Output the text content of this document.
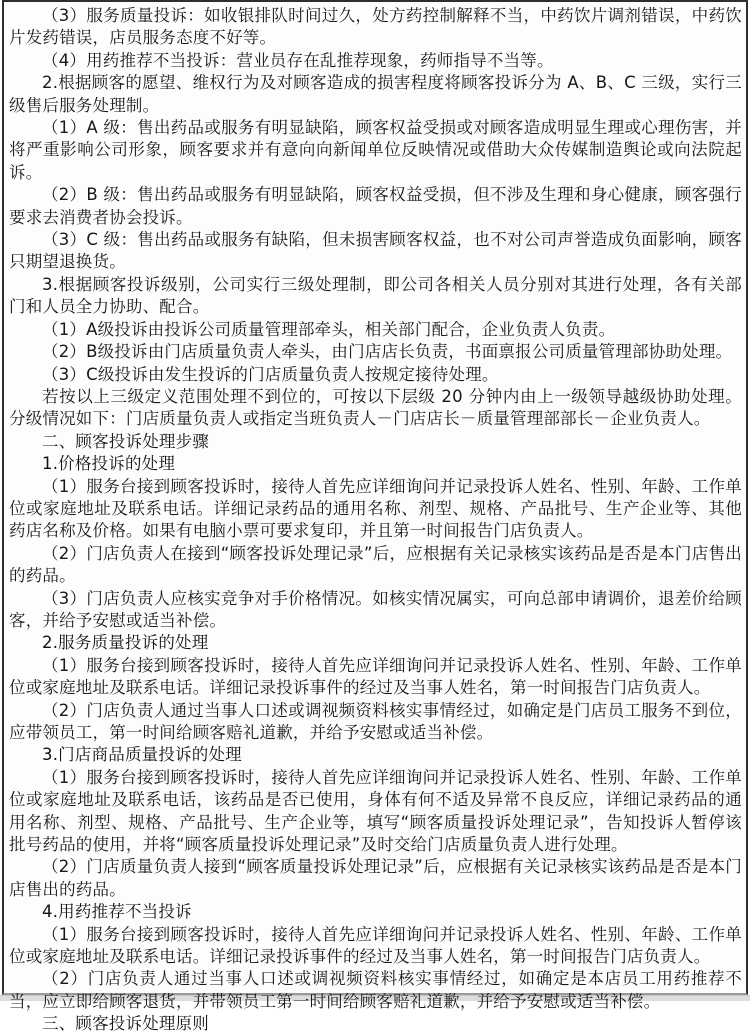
（3）服务质量投诉：如收银排队时间过久，处方药控制解释不当，中药饮片调剂错误，中药饮片发药错误，店员服务态度不好等。

（4）用药推荐不当投诉：营业员存在乱推荐现象，药师指导不当等。

2.根据顾客的愿望、维权行为及对顾客造成的损害程度将顾客投诉分为 A、B、C 三级，实行三级售后服务处理制。

（1）A 级：售出药品或服务有明显缺陷，顾客权益受损或对顾客造成明显生理或心理伤害，并将严重影响公司形象，顾客要求并有意向向新闻单位反映情况或借助大众传媒制造舆论或向法院起诉。

（2）B 级：售出药品或服务有明显缺陷，顾客权益受损，但不涉及生理和身心健康，顾客强行要求去消费者协会投诉。

（3）C 级：售出药品或服务有缺陷，但未损害顾客权益，也不对公司声誉造成负面影响，顾客只期望退换货。

3.根据顾客投诉级别，公司实行三级处理制，即公司各相关人员分别对其进行处理，各有关部门和人员全力协助、配合。

（1）A级投诉由投诉公司质量管理部牵头，相关部门配合，企业负责人负责。

（2）B级投诉由门店质量负责人牵头，由门店店长负责，书面禀报公司质量管理部协助处理。

（3）C级投诉由发生投诉的门店质量负责人按规定接待处理。

若按以上三级定义范围处理不到位的，可按以下层级 20 分钟内由上一级领导越级协助处理。分级情况如下：门店质量负责人或指定当班负责人－门店店长－质量管理部部长－企业负责人。

二、顾客投诉处理步骤

1.价格投诉的处理

（1）服务台接到顾客投诉时，接待人首先应详细询问并记录投诉人姓名、性别、年龄、工作单位或家庭地址及联系电话。详细记录药品的通用名称、剂型、规格、产品批号、生产企业等、其他药店名称及价格。如果有电脑小票可要求复印，并且第一时间报告门店负责人。

（2）门店负责人在接到“顾客投诉处理记录”后，应根据有关记录核实该药品是否是本门店售出的药品。

（3）门店负责人应核实竞争对手价格情况。如核实情况属实，可向总部申请调价，退差价给顾客，并给予安慰或适当补偿。

2.服务质量投诉的处理

（1）服务台接到顾客投诉时，接待人首先应详细询问并记录投诉人姓名、性别、年龄、工作单位或家庭地址及联系电话。详细记录投诉事件的经过及当事人姓名，第一时间报告门店负责人。

（2）门店负责人通过当事人口述或调视频资料核实事情经过，如确定是门店员工服务不到位，应带领员工，第一时间给顾客赔礼道歉，并给予安慰或适当补偿。

3.门店商品质量投诉的处理

（1）服务台接到顾客投诉时，接待人首先应详细询问并记录投诉人姓名、性别、年龄、工作单位或家庭地址及联系电话，该药品是否已使用，身体有何不适及异常不良反应，详细记录药品的通用名称、剂型、规格、产品批号、生产企业等，填写“顾客质量投诉处理记录”，告知投诉人暂停该批号药品的使用，并将“顾客质量投诉处理记录”及时交给门店质量负责人进行处理。

（2）门店质量负责人接到“顾客质量投诉处理记录”后，应根据有关记录核实该药品是否是本门店售出的药品。

4.用药推荐不当投诉

（1）服务台接到顾客投诉时，接待人首先应详细询问并记录投诉人姓名、性别、年龄、工作单位或家庭地址及联系电话。详细记录投诉事件的经过及当事人姓名，第一时间报告门店负责人。

（2）门店负责人通过当事人口述或调视频资料核实事情经过，如确定是本店员工用药推荐不当，应立即给顾客退货，并带领员工第一时间给顾客赔礼道歉，并给予安慰或适当补偿。

三、顾客投诉处理原则
